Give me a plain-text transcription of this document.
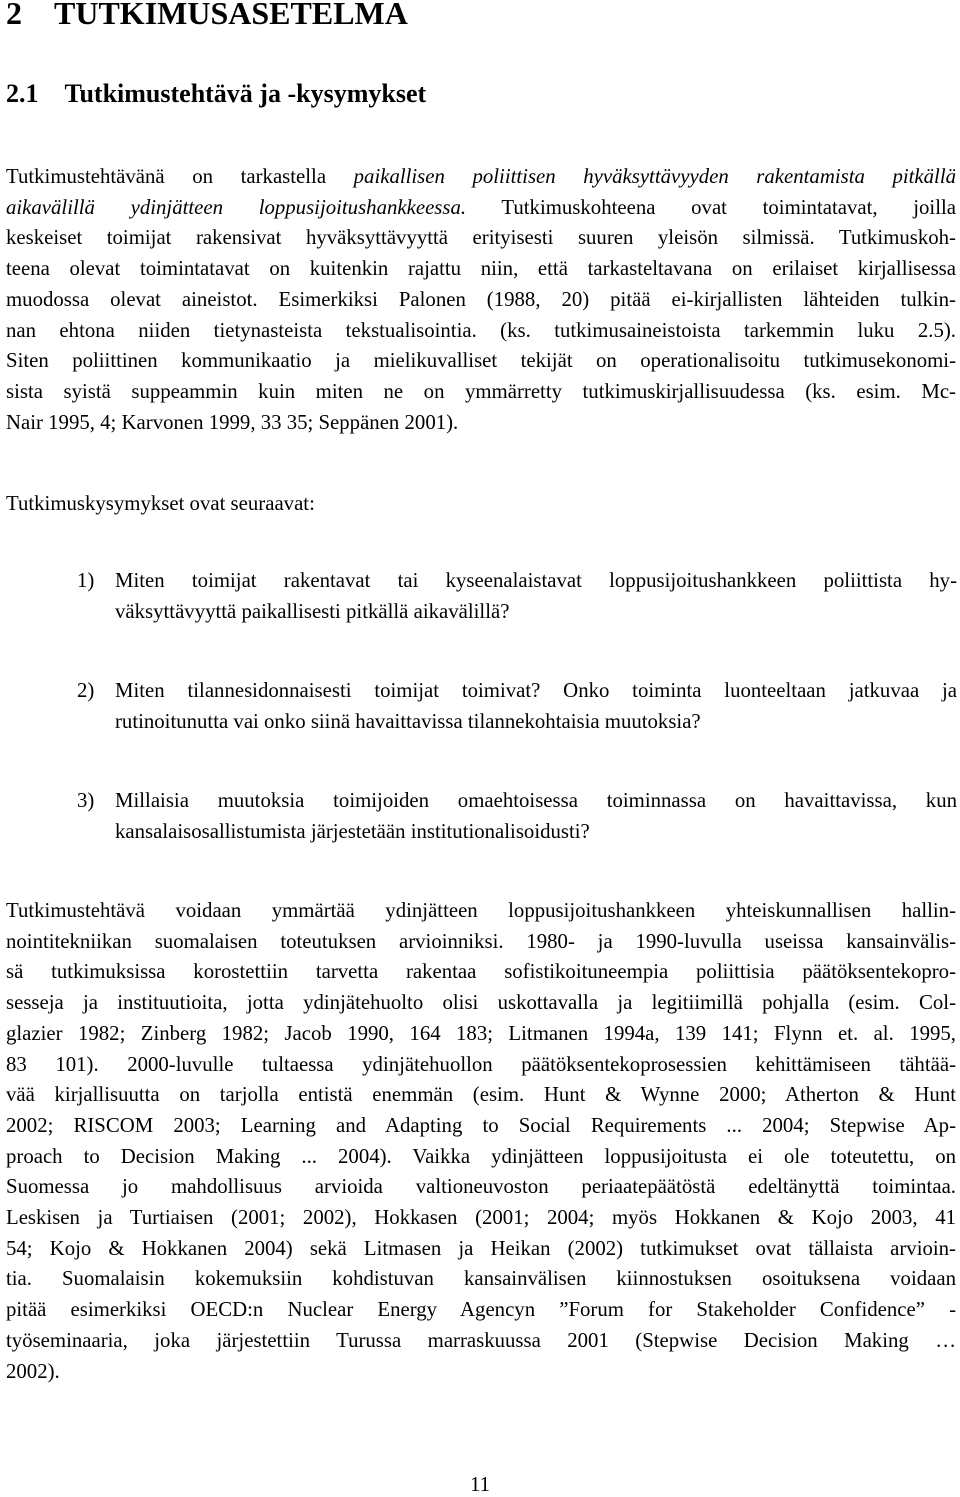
2 TUTKIMUSASETELMA
2.1 Tutkimustehtävä ja -kysymykset
Tutkimustehtävänä on tarkastella paikallisen poliittisen hyväksyttävyyden rakentamista pitkällä
aikavälillä ydinjätteen loppusijoitushankkeessa. Tutkimuskohteena ovat toimintatavat, joilla
keskeiset toimijat rakensivat hyväksyttävyyttä erityisesti suuren yleisön silmissä. Tutkimuskoh-
teena olevat toimintatavat on kuitenkin rajattu niin, että tarkasteltavana on erilaiset kirjallisessa
muodossa olevat aineistot. Esimerkiksi Palonen (1988, 20) pitää ei-kirjallisten lähteiden tulkin-
nan ehtona niiden tietynasteista tekstualisointia. (ks. tutkimusaineistoista tarkemmin luku 2.5).
Siten poliittinen kommunikaatio ja mielikuvalliset tekijät on operationalisoitu tutkimusekonomi-
sista syistä suppeammin kuin miten ne on ymmärretty tutkimuskirjallisuudessa (ks. esim. Mc-
Nair 1995, 4; Karvonen 1999, 33 35; Seppänen 2001).

Tutkimuskysymykset ovat seuraavat:

1) Miten toimijat rakentavat tai kyseenalaistavat loppusijoitushankkeen poliittista hy-
väksyttävyyttä paikallisesti pitkällä aikavälillä?
2) Miten tilannesidonnaisesti toimijat toimivat? Onko toiminta luonteeltaan jatkuvaa ja
rutinoitunutta vai onko siinä havaittavissa tilannekohtaisia muutoksia?
3) Millaisia muutoksia toimijoiden omaehtoisessa toiminnassa on havaittavissa, kun
kansalaisosallistumista järjestetään institutionalisoidusti?
Tutkimustehtävä voidaan ymmärtää ydinjätteen loppusijoitushankkeen yhteiskunnallisen hallin-
nointitekniikan suomalaisen toteutuksen arvioinniksi. 1980- ja 1990-luvulla useissa kansainvälis-
sä tutkimuksissa korostettiin tarvetta rakentaa sofistikoituneempia poliittisia päätöksentekopro-
sesseja ja instituutioita, jotta ydinjätehuolto olisi uskottavalla ja legitiimillä pohjalla (esim. Col-
glazier 1982; Zinberg 1982; Jacob 1990, 164 183; Litmanen 1994a, 139 141; Flynn et. al. 1995,
83 101). 2000-luvulle tultaessa ydinjätehuollon päätöksentekoprosessien kehittämiseen tähtää-
vää kirjallisuutta on tarjolla entistä enemmän (esim. Hunt & Wynne 2000; Atherton & Hunt
2002; RISCOM 2003; Learning and Adapting to Social Requirements ... 2004; Stepwise Ap-
proach to Decision Making ... 2004). Vaikka ydinjätteen loppusijoitusta ei ole toteutettu, on
Suomessa jo mahdollisuus arvioida valtioneuvoston periaatepäätöstä edeltänyttä toimintaa.
Leskisen ja Turtiaisen (2001; 2002), Hokkasen (2001; 2004; myös Hokkanen & Kojo 2003, 41
54; Kojo & Hokkanen 2004) sekä Litmasen ja Heikan (2002) tutkimukset ovat tällaista arvioin-
tia. Suomalaisin kokemuksiin kohdistuvan kansainvälisen kiinnostuksen osoituksena voidaan
pitää esimerkiksi OECD:n Nuclear Energy Agencyn ”Forum for Stakeholder Confidence” -
työseminaaria, joka järjestettiin Turussa marraskuussa 2001 (Stepwise Decision Making …
2002).
11
